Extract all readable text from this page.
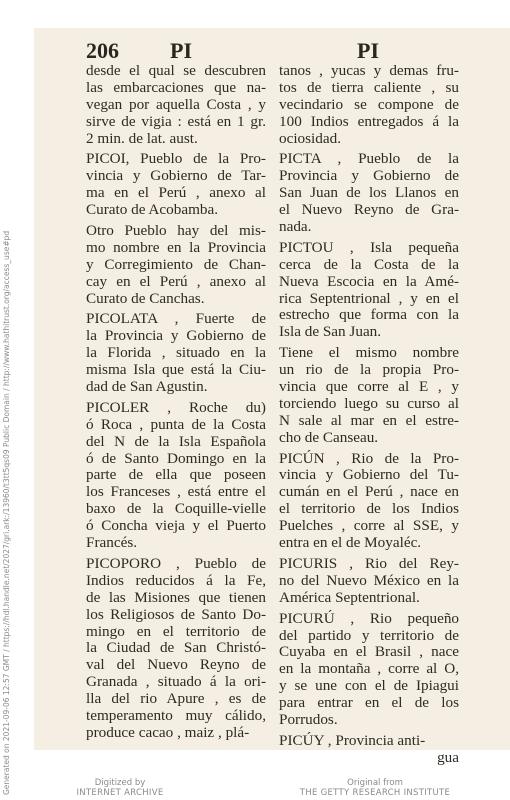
206 PI	PI
desde el qual se descubren
las embarcaciones que na-
vegan por aquella Costa , y
sirve de vigia : está en 1 gr.
2 min. de lat. aust.
PICOI, Pueblo de la Pro-
vincia y Gobierno de Tar-
ma en el Perú , anexo al
Curato de Acobamba.
Otro Pueblo hay del mis-
mo nombre en la Provincia
y Corregimiento de Chan-
cay en el Perú , anexo al
Curato de Canchas.
PICOLATA , Fuerte de
la Provincia y Gobierno de
la Florida , situado en la
misma Isla que está la Ciu-
dad de San Agustin.
PICOLER , Roche du)
ó Roca , punta de la Costa
del N de la Isla Española
ó de Santo Domingo en la
parte de ella que poseen
los Franceses , está entre el
baxo de la Coquille-vielle
ó Concha vieja y el Puerto
Francés.
PICOPORO , Pueblo de
Indios reducidos á la Fe,
de las Misiones que tienen
los Religiosos de Santo Do-
mingo en el territorio de
la Ciudad de San Christó-
val del Nuevo Reyno de
Granada , situado á la ori-
lla del rio Apure , es de
temperamento muy cálido,
produce cacao , maiz , plá-
tanos , yucas y demas fru-
tos de tierra caliente , su
vecindario se compone de
100 Indios entregados á la
ociosidad.
PICTA , Pueblo de la
Provincia y Gobierno de
San Juan de los Llanos en
el Nuevo Reyno de Gra-
nada.
PICTOU , Isla pequeña
cerca de la Costa de la
Nueva Escocia en la Amé-
rica Septentrional , y en el
estrecho que forma con la
Isla de San Juan.
Tiene el mismo nombre
un rio de la propia Pro-
vincia que corre al E , y
torciendo luego su curso al
N sale al mar en el estre-
cho de Canseau.
PICÚN , Rio de la Pro-
vincia y Gobierno del Tu-
cumán en el Perú , nace en
el territorio de los Indios
Puelches , corre al SSE, y
entra en el de Moyaléc.
PICURIS , Rio del Rey-
no del Nuevo México en la
América Septentrional.
PICURÚ , Rio pequeño
del partido y territorio de
Cuyaba en el Brasil , nace
en la montaña , corre al O,
y se une con el de Ipiagui
para entrar en el de los
Porrudos.
PICÚY , Provincia anti-
gua
Generated on 2021-09-06 12:57 GMT / https://hdl.handle.net/2027/gri.ark:/13960/t3tt5qs09 Public Domain / http://www.hathitrust.org/access_use#pd	Digitized by
INTERNET ARCHIVE
Original from
THE GETTY RESEARCH INSTITUTE
